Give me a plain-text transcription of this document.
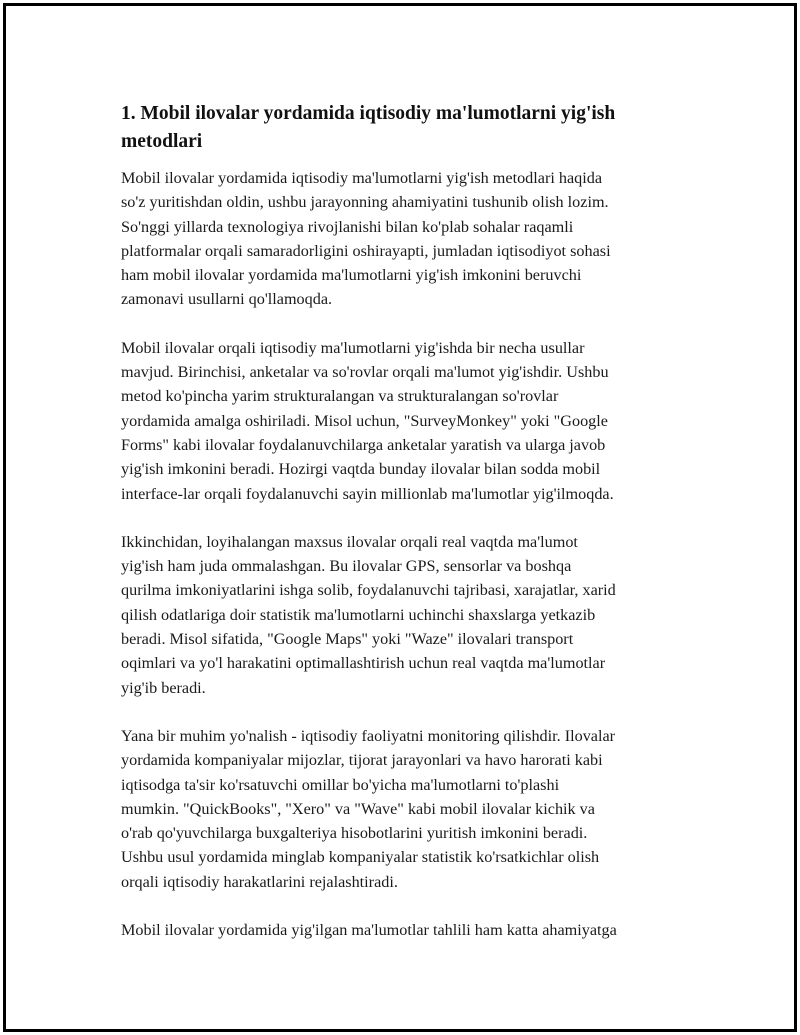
1. Mobil ilovalar yordamida iqtisodiy ma'lumotlarni yig'ish
metodlari

Mobil ilovalar yordamida iqtisodiy ma'lumotlarni yig'ish metodlari haqida
so'z yuritishdan oldin, ushbu jarayonning ahamiyatini tushunib olish lozim.
So'nggi yillarda texnologiya rivojlanishi bilan ko'plab sohalar raqamli
platformalar orqali samaradorligini oshirayapti, jumladan iqtisodiyot sohasi
ham mobil ilovalar yordamida ma'lumotlarni yig'ish imkonini beruvchi
zamonavi usullarni qo'llamoqda.

Mobil ilovalar orqali iqtisodiy ma'lumotlarni yig'ishda bir necha usullar
mavjud. Birinchisi, anketalar va so'rovlar orqali ma'lumot yig'ishdir. Ushbu
metod ko'pincha yarim strukturalangan va strukturalangan so'rovlar
yordamida amalga oshiriladi. Misol uchun, "SurveyMonkey" yoki "Google
Forms" kabi ilovalar foydalanuvchilarga anketalar yaratish va ularga javob
yig'ish imkonini beradi. Hozirgi vaqtda bunday ilovalar bilan sodda mobil
interface-lar orqali foydalanuvchi sayin millionlab ma'lumotlar yig'ilmoqda.

Ikkinchidan, loyihalangan maxsus ilovalar orqali real vaqtda ma'lumot
yig'ish ham juda ommalashgan. Bu ilovalar GPS, sensorlar va boshqa
qurilma imkoniyatlarini ishga solib, foydalanuvchi tajribasi, xarajatlar, xarid
qilish odatlariga doir statistik ma'lumotlarni uchinchi shaxslarga yetkazib
beradi. Misol sifatida, "Google Maps" yoki "Waze" ilovalari transport
oqimlari va yo'l harakatini optimallashtirish uchun real vaqtda ma'lumotlar
yig'ib beradi.

Yana bir muhim yo'nalish - iqtisodiy faoliyatni monitoring qilishdir. Ilovalar
yordamida kompaniyalar mijozlar, tijorat jarayonlari va havo harorati kabi
iqtisodga ta'sir ko'rsatuvchi omillar bo'yicha ma'lumotlarni to'plashi
mumkin. "QuickBooks", "Xero" va "Wave" kabi mobil ilovalar kichik va
o'rab qo'yuvchilarga buxgalteriya hisobotlarini yuritish imkonini beradi.
Ushbu usul yordamida minglab kompaniyalar statistik ko'rsatkichlar olish
orqali iqtisodiy harakatlarini rejalashtiradi.

Mobil ilovalar yordamida yig'ilgan ma'lumotlar tahlili ham katta ahamiyatga
